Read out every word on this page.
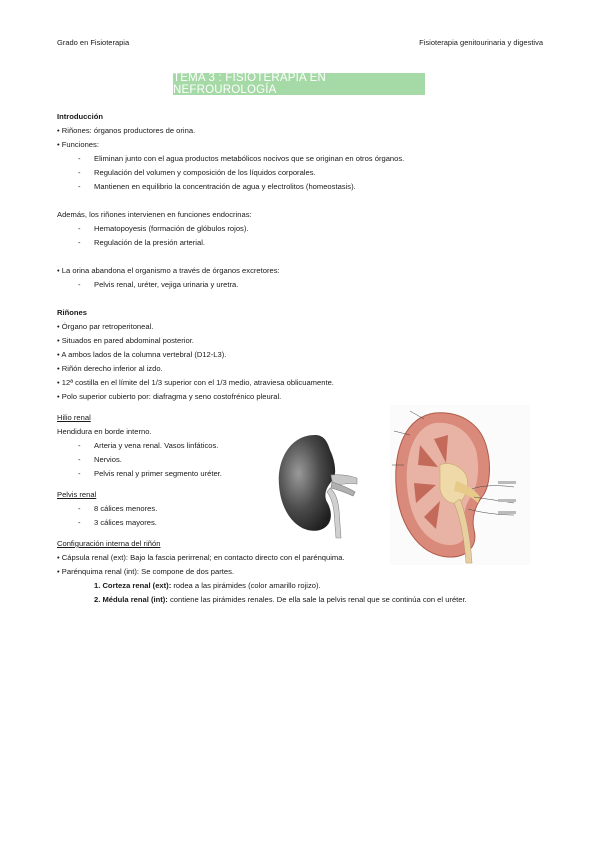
Grado en Fisioterapia	Fisioterapia genitourinaria y digestiva
TEMA 3 : FISIOTERAPIA EN NEFROUROLOGÍA
Introducción
• Riñones: órganos productores de orina.
• Funciones:
- Eliminan junto con el agua productos metabólicos nocivos que se originan en otros órganos.
- Regulación del volumen y composición de los líquidos corporales.
- Mantienen en equilibrio la concentración de agua y electrolitos (homeostasis).
Además, los riñones intervienen en funciones endocrinas:
- Hematopoyesis (formación de glóbulos rojos).
- Regulación de la presión arterial.
• La orina abandona el organismo a través de órganos excretores:
- Pelvis renal, uréter, vejiga urinaria y uretra.
Riñones
• Órgano par retroperitoneal.
• Situados en pared abdominal posterior.
• A ambos lados de la columna vertebral (D12-L3).
• Riñón derecho inferior al izdo.
• 12ª costilla en el límite del 1/3 superior con el 1/3 medio, atraviesa oblicuamente.
• Polo superior cubierto por: diafragma y seno costofrénico pleural.
Hilio renal
Hendidura en borde interno.
- Arteria y vena renal. Vasos linfáticos.
- Nervios.
- Pelvis renal y primer segmento uréter.
Pelvis renal
- 8 cálices menores.
- 3 cálices mayores.
Configuración interna del riñón
• Cápsula renal (ext): Bajo la fascia perirrenal; en contacto directo con el parénquima.
• Parénquima renal (int): Se compone de dos partes.
1. Corteza renal (ext): rodea a las pirámides (color amarillo rojizo).
2. Médula renal (int): contiene las pirámides renales. De ella sale la pelvis renal que se continúa con el uréter.
